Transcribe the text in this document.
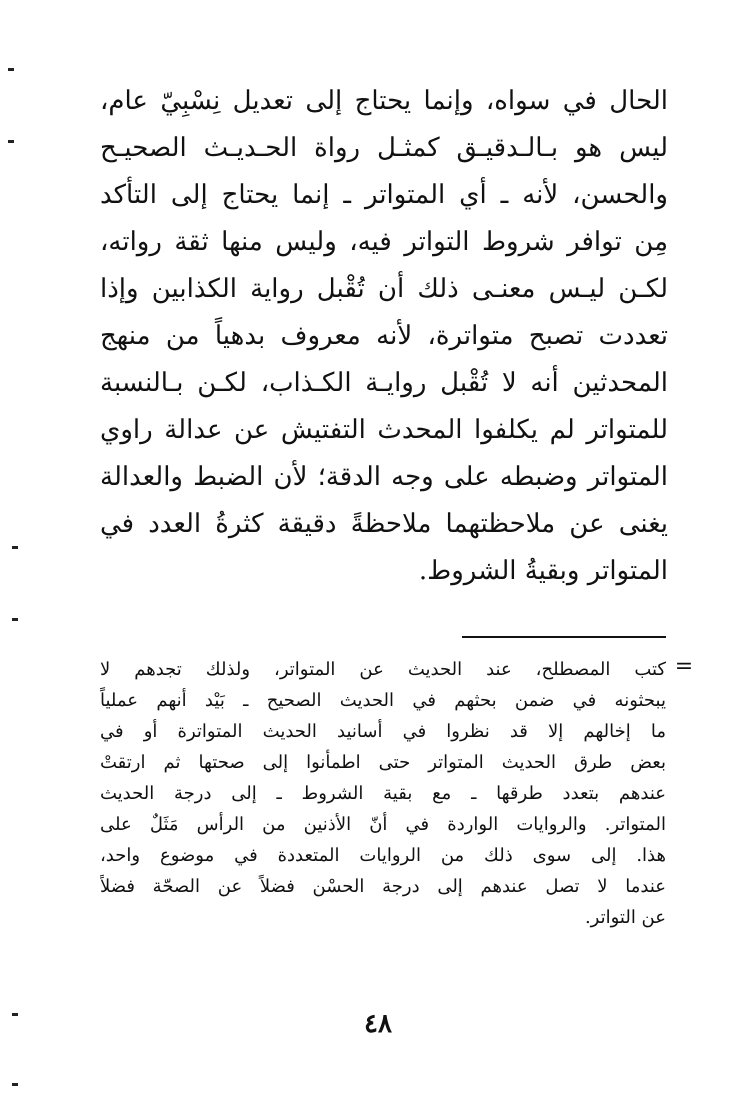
الحال في سواه، وإنما يحتاج إلى تعديل نِسْبِيّ عام،
ليس هو بـالـدقيـق كمثـل رواة الحـديـث الصحيـح
والحسن، لأنه ـ أي المتواتر ـ إنما يحتاج إلى التأكد
مِن توافر شروط التواتر فيه، وليس منها ثقة رواته،
لكـن ليـس معنـى ذلك أن تُقْبل رواية الكذابين وإذا
تعددت تصبح متواترة، لأنه معروف بدهياً من منهج
المحدثين أنه لا تُقْبل روايـة الكـذاب، لكـن بـالنسبة
للمتواتر لم يكلفوا المحدث التفتيش عن عدالة راوي
المتواتر وضبطه على وجه الدقة؛ لأن الضبط والعدالة
يغنى عن ملاحظتهما ملاحظةً دقيقة كثرةُ العدد في
المتواتر وبقيةُ الشروط.
=
كتب المصطلح، عند الحديث عن المتواتر، ولذلك تجدهم لا
يبحثونه في ضمن بحثهم في الحديث الصحيح ـ بَيْد أنهم عملياً
ما إخالهم إلا قد نظروا في أسانيد الحديث المتواترة أو في
بعض طرق الحديث المتواتر حتى اطمأنوا إلى صحتها ثم ارتقتْ
عندهم بتعدد طرقها ـ مع بقية الشروط ـ إلى درجة الحديث
المتواتر. والروايات الواردة في أنّ الأذنين من الرأس مَثَلٌ على
هذا. إلى سوى ذلك من الروايات المتعددة في موضوع واحد،
عندما لا تصل عندهم إلى درجة الحسْن فضلاً عن الصحّة فضلاً
عن التواتر.
٤٨
